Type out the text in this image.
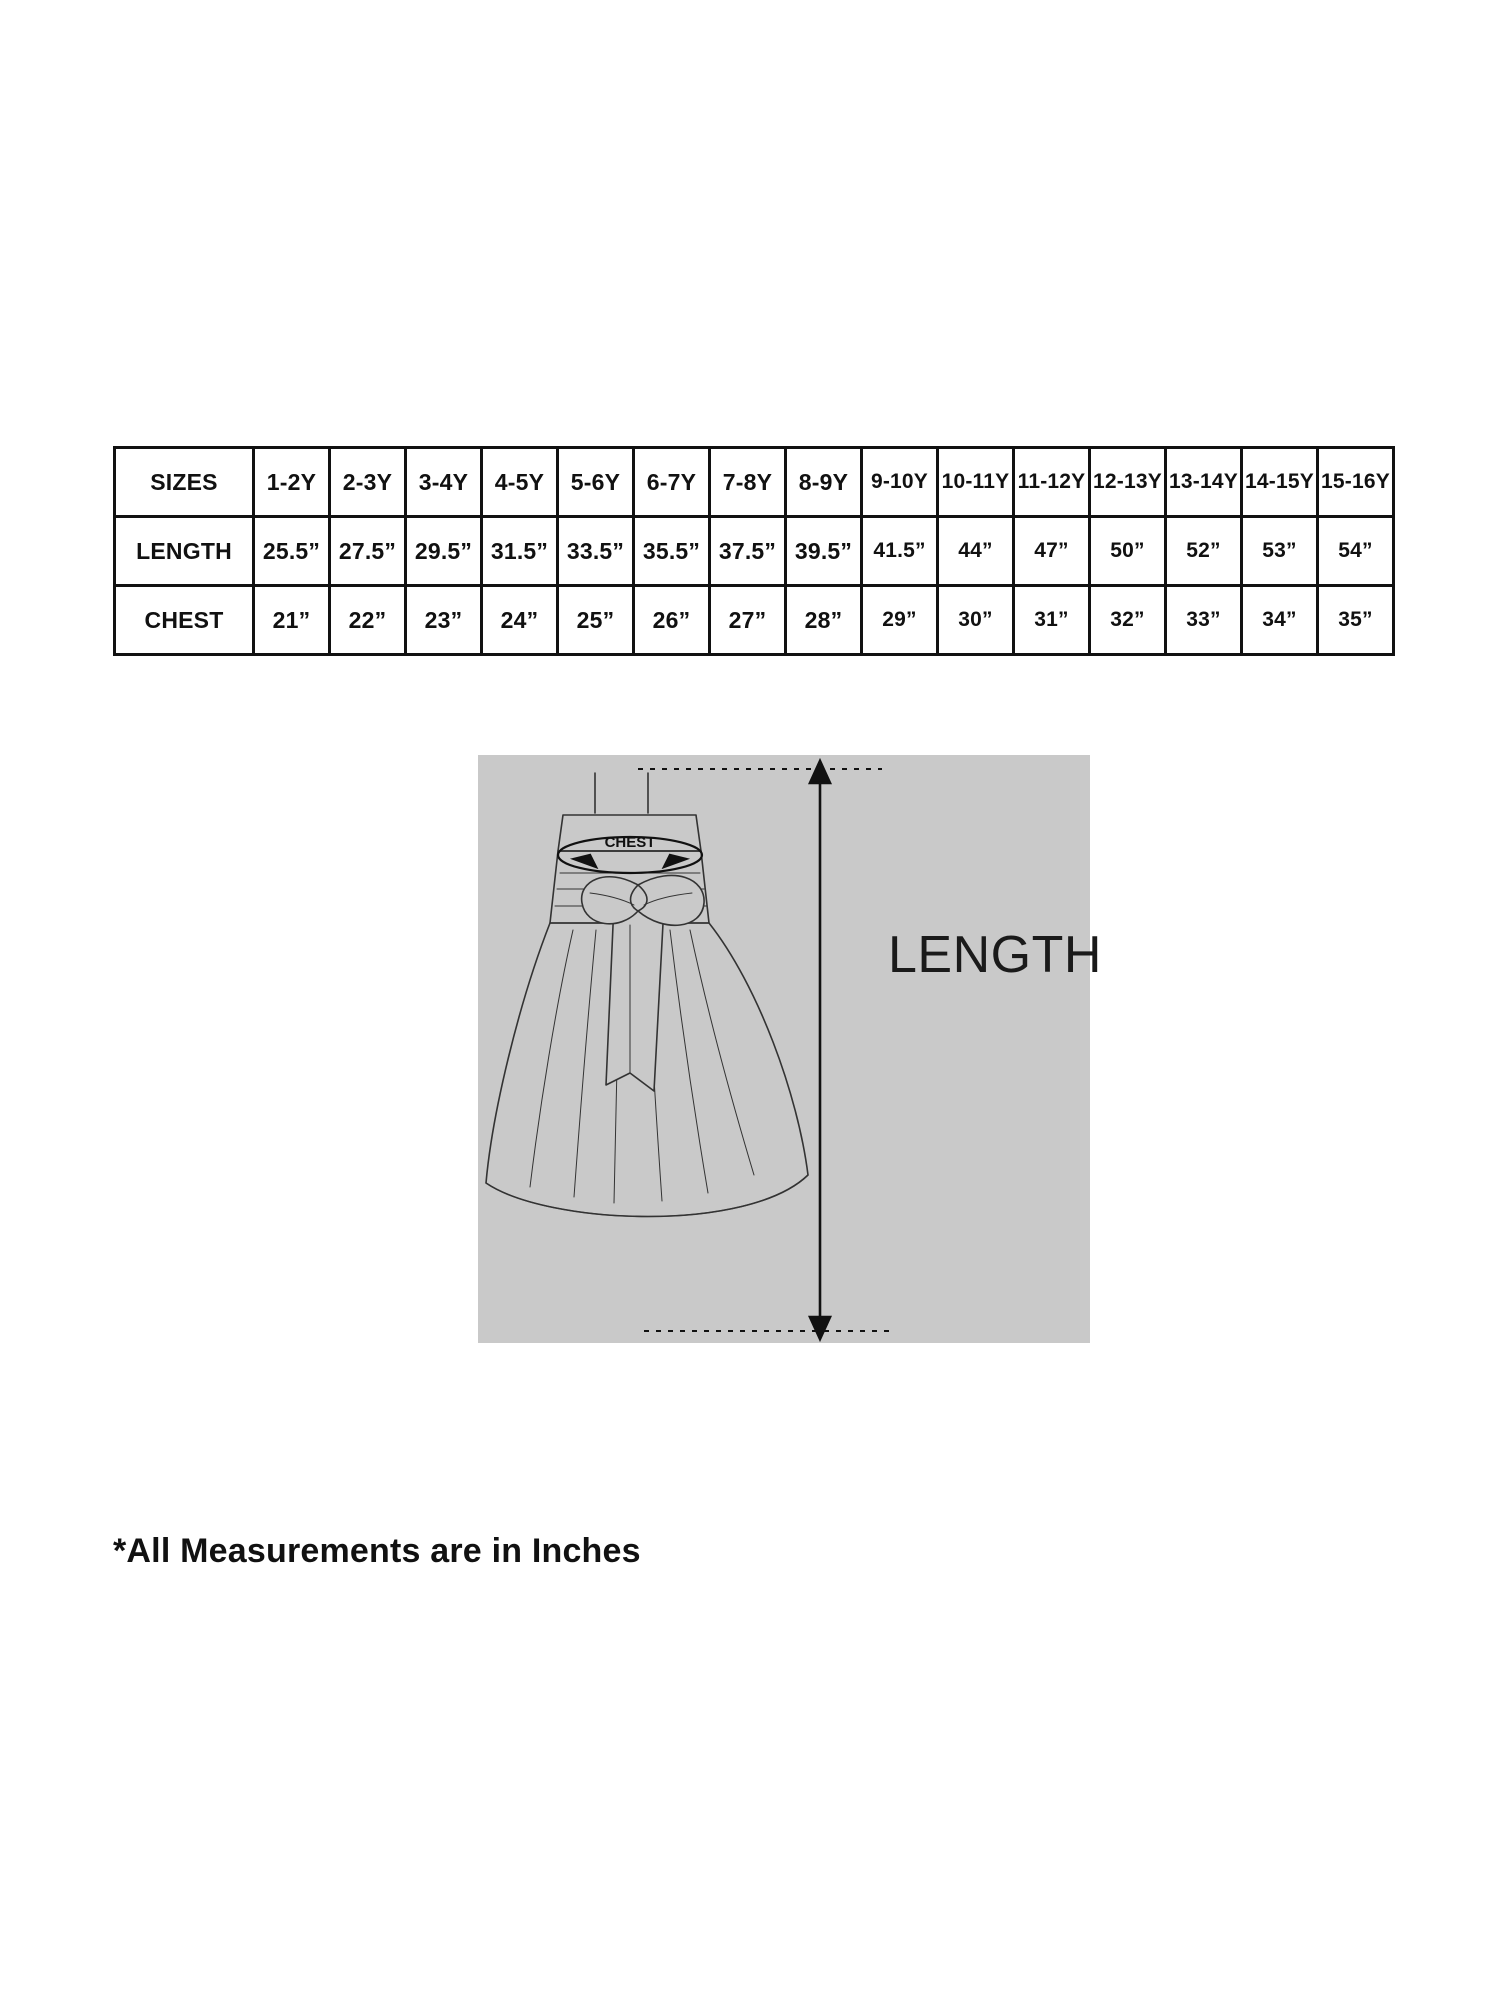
SIZES	1-2Y	2-3Y	3-4Y	4-5Y	5-6Y	6-7Y	7-8Y	8-9Y	9-10Y	10-11Y	11-12Y	12-13Y	13-14Y	14-15Y	15-16Y
LENGTH	25.5”	27.5”	29.5”	31.5”	33.5”	35.5”	37.5”	39.5”	41.5”	44”	47”	50”	52”	53”	54”
CHEST	21”	22”	23”	24”	25”	26”	27”	28”	29”	30”	31”	32”	33”	34”	35”
CHEST
LENGTH
*All Measurements are in Inches
